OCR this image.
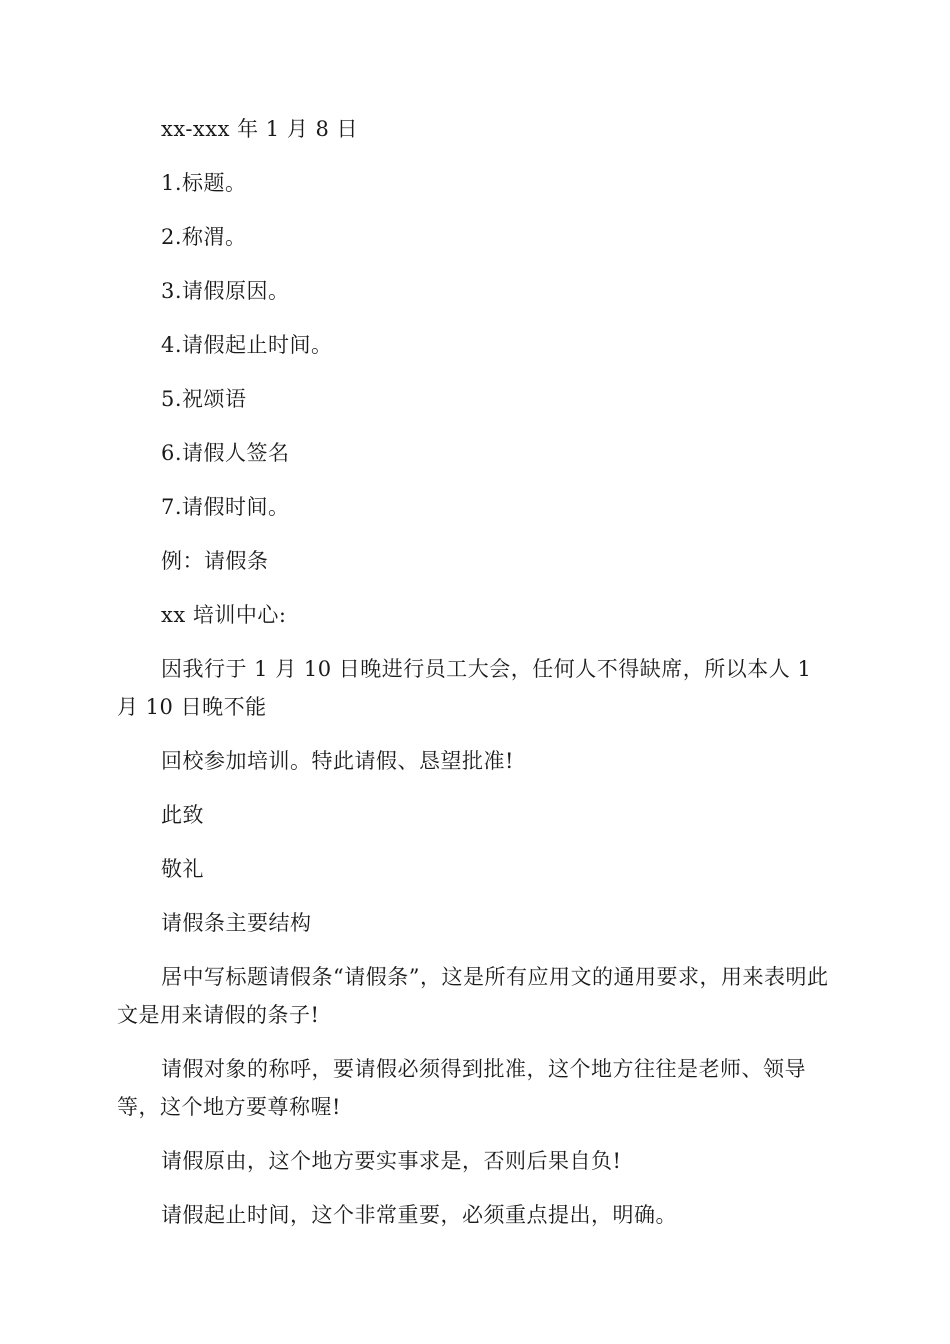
xx-xxx 年 1 月 8 日

1.标题。

2.称渭。

3.请假原因。

4.请假起止时间。

5.祝颂语

6.请假人签名

7.请假时间。

例：请假条

xx 培训中心:

因我行于 1 月 10 日晚进行员工大会，任何人不得缺席，所以本人 1 月 10 日晚不能

回校参加培训。特此请假、恳望批准!

此致

敬礼

请假条主要结构

居中写标题请假条“请假条”，这是所有应用文的通用要求，用来表明此文是用来请假的条子!

请假对象的称呼，要请假必须得到批准，这个地方往往是老师、领导等，这个地方要尊称喔!

请假原由，这个地方要实事求是，否则后果自负!

请假起止时间，这个非常重要，必须重点提出，明确。
